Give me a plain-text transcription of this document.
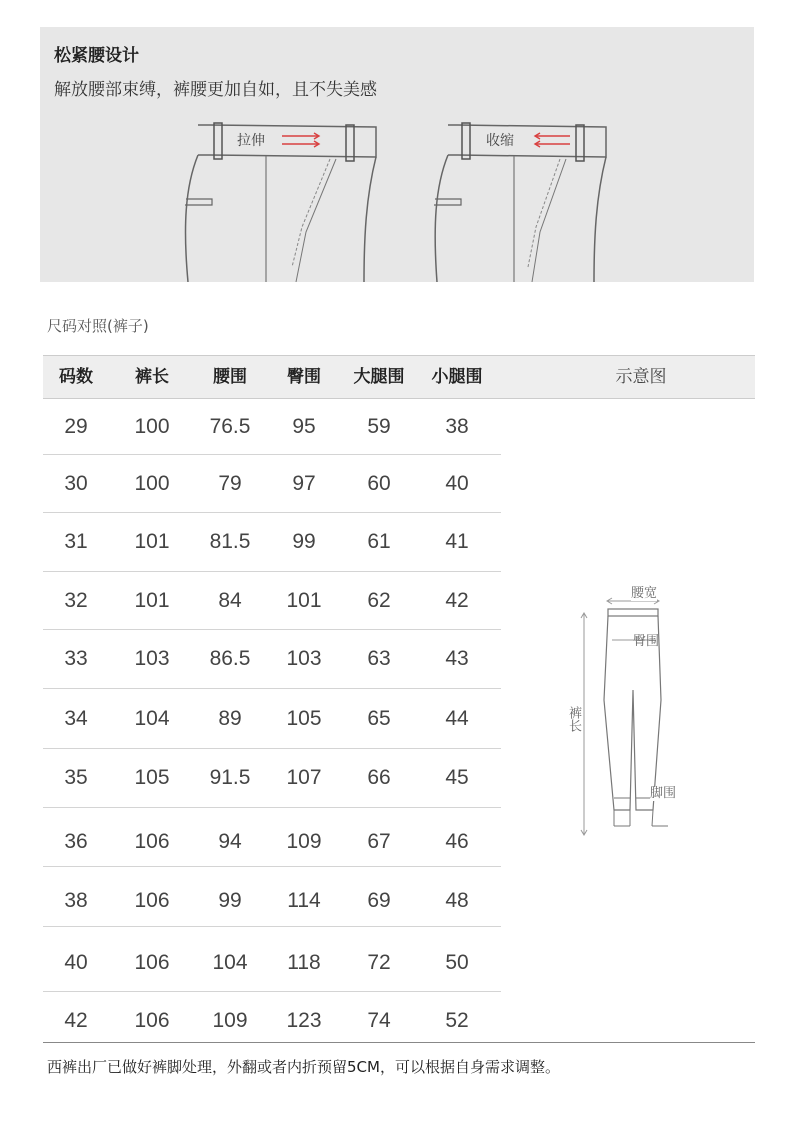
松紧腰设计
解放腰部束缚，裤腰更加自如，且不失美感
拉伸	收缩
尺码对照(裤子)
码数	裤长	腰围	臀围	大腿围	小腿围	示意图
29	100	76.5	95	59	38
30	100	79	97	60	40
31	101	81.5	99	61	41
32	101	84	101	62	42
33	103	86.5	103	63	43
34	104	89	105	65	44
35	105	91.5	107	66	45
36	106	94	109	67	46
38	106	99	114	69	48
40	106	104	118	72	50
42	106	109	123	74	52
腰宽
臀围
裤长
脚围
西裤出厂已做好裤脚处理，外翻或者内折预留5CM，可以根据自身需求调整。
